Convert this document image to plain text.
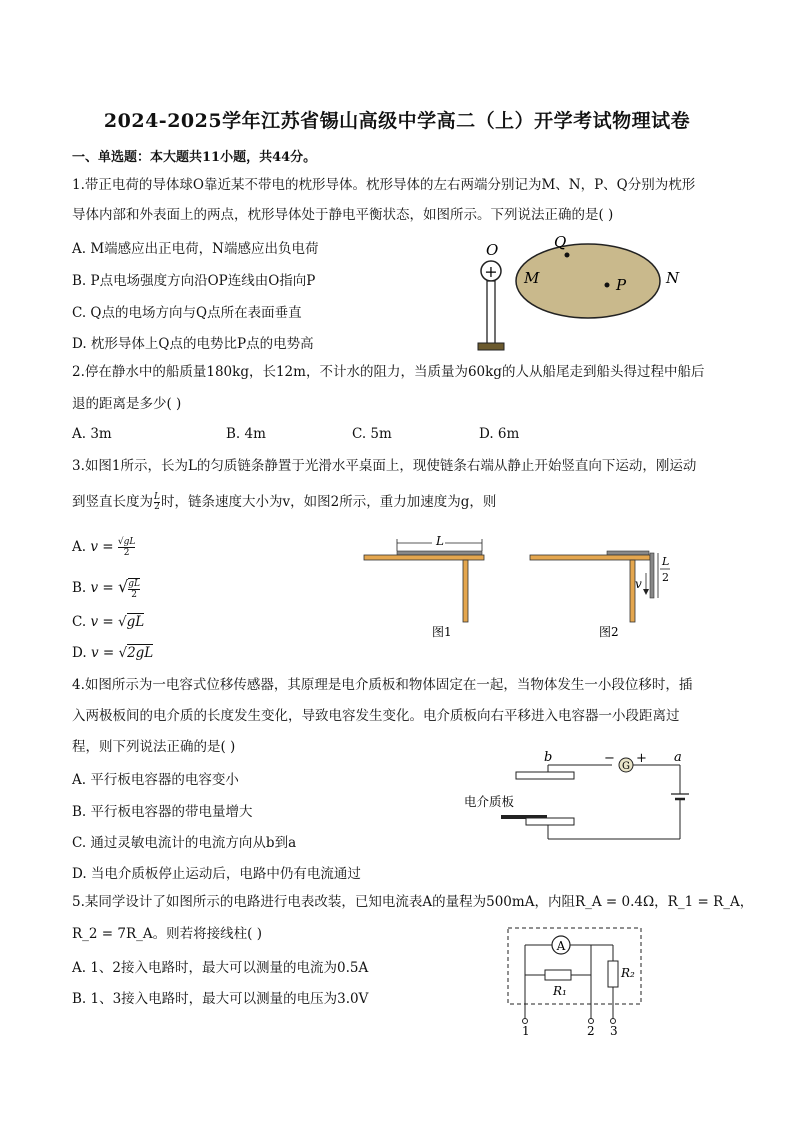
2024-2025学年江苏省锡山高级中学高二（上）开学考试物理试卷
一、单选题：本大题共11小题，共44分。
1.带正电荷的导体球O靠近某不带电的枕形导体。枕形导体的左右两端分别记为M、N，P、Q分别为枕形
导体内部和外表面上的两点，枕形导体处于静电平衡状态，如图所示。下列说法正确的是( )
A. M端感应出正电荷，N端感应出负电荷
B. P点电场强度方向沿OP连线由O指向P
C. Q点的电场方向与Q点所在表面垂直
D. 枕形导体上Q点的电势比P点的电势高
O
+
Q
M	P	N
2.停在静水中的船质量180kg，长12m，不计水的阻力，当质量为60kg的人从船尾走到船头得过程中船后
退的距离是多少( )
A. 3m	B. 4m	C. 5m	D. 6m
3.如图1所示，长为L的匀质链条静置于光滑水平桌面上，现使链条右端从静止开始竖直向下运动，刚运动
到竖直长度为 $\frac{L}{2}$ 时，链条速度大小为v，如图2所示，重力加速度为g，则
A. $v = \frac{√gL}{2}$
B. v = √ $\frac{gL}{2}$
C. v = √gL
D. v = √2gL
L
图1
v
L
2
图2
4.如图所示为一电容式位移传感器，其原理是电介质板和物体固定在一起，当物体发生一小段位移时，插
入两极板间的电介质的长度发生变化，导致电容发生变化。电介质板向右平移进入电容器一小段距离过
程，则下列说法正确的是( )
A. 平行板电容器的电容变小
B. 平行板电容器的带电量增大
C. 通过灵敏电流计的电流方向从b到a
D. 当电介质板停止运动后，电路中仍有电流通过
b	−
G
+ a
电介质板
5.某同学设计了如图所示的电路进行电表改装，已知电流表A的量程为500mA，内阻R_A = 0.4Ω，R_1 = R_A，
R_2 = 7R_A。则若将接线柱( )
A. 1、2接入电路时，最大可以测量的电流为0.5A
B. 1、3接入电路时，最大可以测量的电压为3.0V
A
R₁
R₂
1	2 3
